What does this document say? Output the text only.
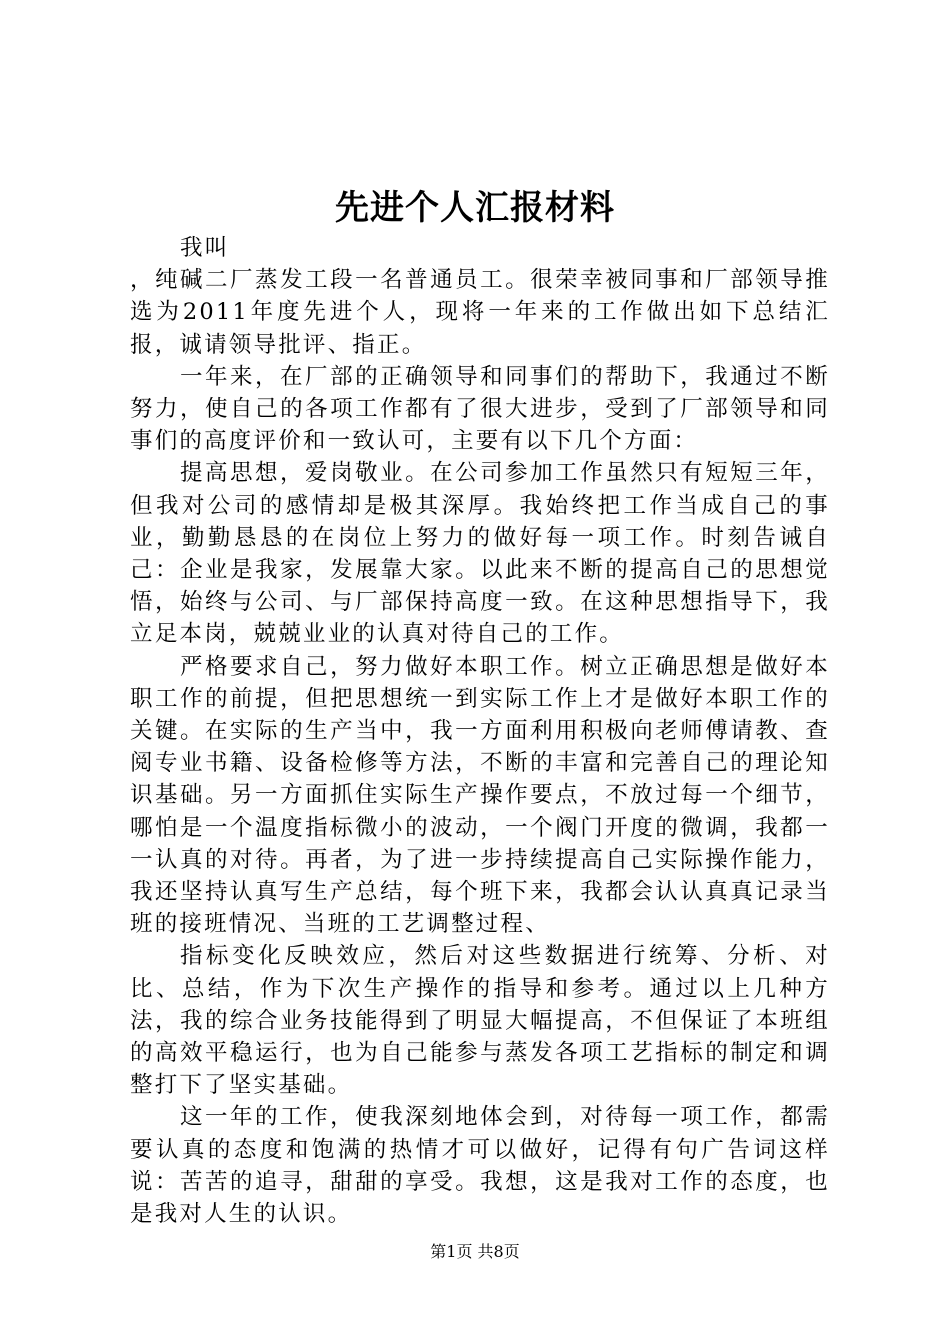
先进个人汇报材料

我叫

，纯碱二厂蒸发工段一名普通员工。很荣幸被同事和厂部领导推选为2011年度先进个人，现将一年来的工作做出如下总结汇报，诚请领导批评、指正。

一年来，在厂部的正确领导和同事们的帮助下，我通过不断努力，使自己的各项工作都有了很大进步，受到了厂部领导和同事们的高度评价和一致认可，主要有以下几个方面：

提高思想，爱岗敬业。在公司参加工作虽然只有短短三年，但我对公司的感情却是极其深厚。我始终把工作当成自己的事业，勤勤恳恳的在岗位上努力的做好每一项工作。时刻告诫自己：企业是我家，发展靠大家。以此来不断的提高自己的思想觉悟，始终与公司、与厂部保持高度一致。在这种思想指导下，我立足本岗，兢兢业业的认真对待自己的工作。

严格要求自己，努力做好本职工作。树立正确思想是做好本职工作的前提，但把思想统一到实际工作上才是做好本职工作的关键。在实际的生产当中，我一方面利用积极向老师傅请教、查阅专业书籍、设备检修等方法，不断的丰富和完善自己的理论知识基础。另一方面抓住实际生产操作要点，不放过每一个细节，哪怕是一个温度指标微小的波动，一个阀门开度的微调，我都一一认真的对待。再者，为了进一步持续提高自己实际操作能力，我还坚持认真写生产总结，每个班下来，我都会认认真真记录当班的接班情况、当班的工艺调整过程、

指标变化反映效应，然后对这些数据进行统筹、分析、对比、总结，作为下次生产操作的指导和参考。通过以上几种方法，我的综合业务技能得到了明显大幅提高，不但保证了本班组的高效平稳运行，也为自己能参与蒸发各项工艺指标的制定和调整打下了坚实基础。

这一年的工作，使我深刻地体会到，对待每一项工作，都需要认真的态度和饱满的热情才可以做好，记得有句广告词这样说：苦苦的追寻，甜甜的享受。我想，这是我对工作的态度，也是我对人生的认识。

第1页 共8页
